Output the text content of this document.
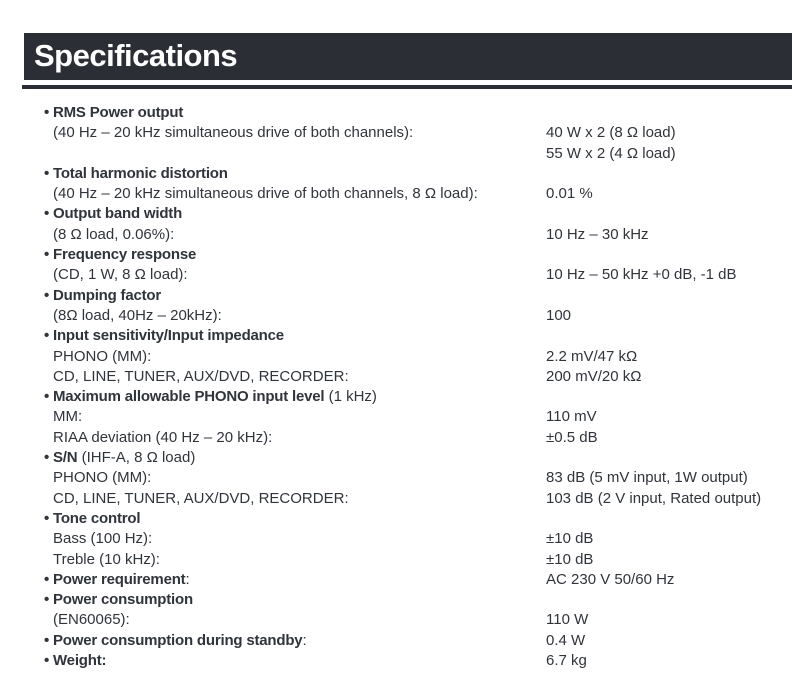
Specifications
• RMS Power output
(40 Hz – 20 kHz simultaneous drive of both channels):	40 W x 2 (8 Ω load)
55 W x 2 (4 Ω load)
• Total harmonic distortion
(40 Hz – 20 kHz simultaneous drive of both channels, 8 Ω load):	0.01 %
• Output band width
(8 Ω load, 0.06%):	10 Hz – 30 kHz
• Frequency response
(CD, 1 W, 8 Ω load):	10 Hz – 50 kHz +0 dB, -1 dB
• Dumping factor
(8Ω load, 40Hz – 20kHz):	100
• Input sensitivity/Input impedance
PHONO (MM):	2.2 mV/47 kΩ
CD, LINE, TUNER, AUX/DVD, RECORDER:	200 mV/20 kΩ
• Maximum allowable PHONO input level (1 kHz)
MM:	110 mV
RIAA deviation (40 Hz – 20 kHz):	±0.5 dB
• S/N (IHF-A, 8 Ω load)
PHONO (MM):	83 dB (5 mV input, 1W output)
CD, LINE, TUNER, AUX/DVD, RECORDER:	103 dB (2 V input, Rated output)
• Tone control
Bass (100 Hz):	±10 dB
Treble (10 kHz):	±10 dB
• Power requirement:	AC 230 V 50/60 Hz
• Power consumption
(EN60065):	110 W
• Power consumption during standby:	0.4 W
• Weight:	6.7 kg
